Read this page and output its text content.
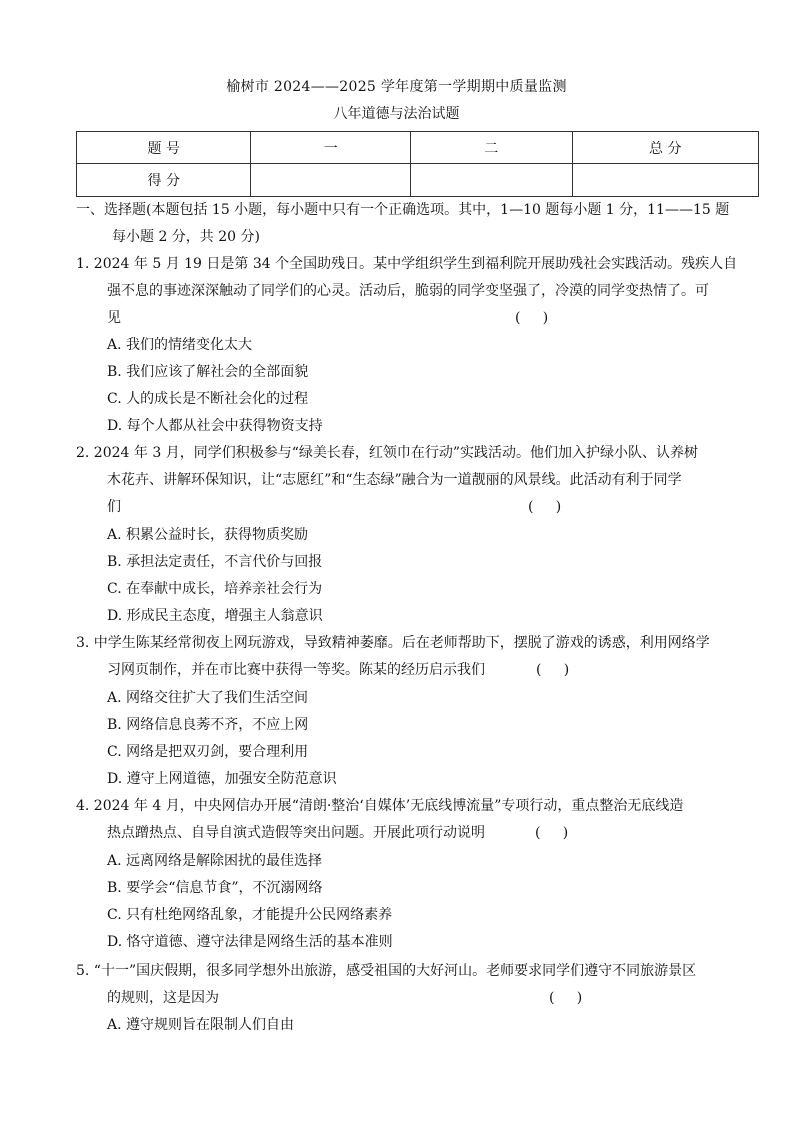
榆树市 2024——2025 学年度第一学期期中质量监测
八年道德与法治试题
题 号	一	二	总 分
得 分			
一、选择题(本题包括 15 小题，每小题中只有一个正确选项。其中，1—10 题每小题 1 分，11——15 题
每小题 2 分，共 20 分)
1. 2024 年 5 月 19 日是第 34 个全国助残日。某中学组织学生到福利院开展助残社会实践活动。残疾人自
强不息的事迹深深触动了同学们的心灵。活动后，脆弱的同学变坚强了，冷漠的同学变热情了。可
见	(     )
A. 我们的情绪变化太大
B. 我们应该了解社会的全部面貌
C. 人的成长是不断社会化的过程
D. 每个人都从社会中获得物资支持
2. 2024 年 3 月，同学们积极参与“绿美长春，红领巾在行动”实践活动。他们加入护绿小队、认养树
木花卉、讲解环保知识，让“志愿红”和“生态绿”融合为一道靓丽的风景线。此活动有利于同学
们	(     )
A. 积累公益时长，获得物质奖励
B. 承担法定责任，不言代价与回报
C. 在奉献中成长，培养亲社会行为
D. 形成民主态度，增强主人翁意识
3. 中学生陈某经常彻夜上网玩游戏，导致精神萎靡。后在老师帮助下，摆脱了游戏的诱惑，利用网络学
习网页制作，并在市比赛中获得一等奖。陈某的经历启示我们	(     )
A. 网络交往扩大了我们生活空间
B. 网络信息良莠不齐，不应上网
C. 网络是把双刃剑，要合理利用
D. 遵守上网道德，加强安全防范意识
4. 2024 年 4 月，中央网信办开展“清朗·整治‘自媒体’无底线博流量”专项行动，重点整治无底线造
热点蹭热点、自导自演式造假等突出问题。开展此项行动说明	(     )
A. 远离网络是解除困扰的最佳选择
B. 要学会“信息节食”，不沉溺网络
C. 只有杜绝网络乱象，才能提升公民网络素养
D. 恪守道德、遵守法律是网络生活的基本准则
5. “十一”国庆假期，很多同学想外出旅游，感受祖国的大好河山。老师要求同学们遵守不同旅游景区
的规则，这是因为	(     )
A. 遵守规则旨在限制人们自由
